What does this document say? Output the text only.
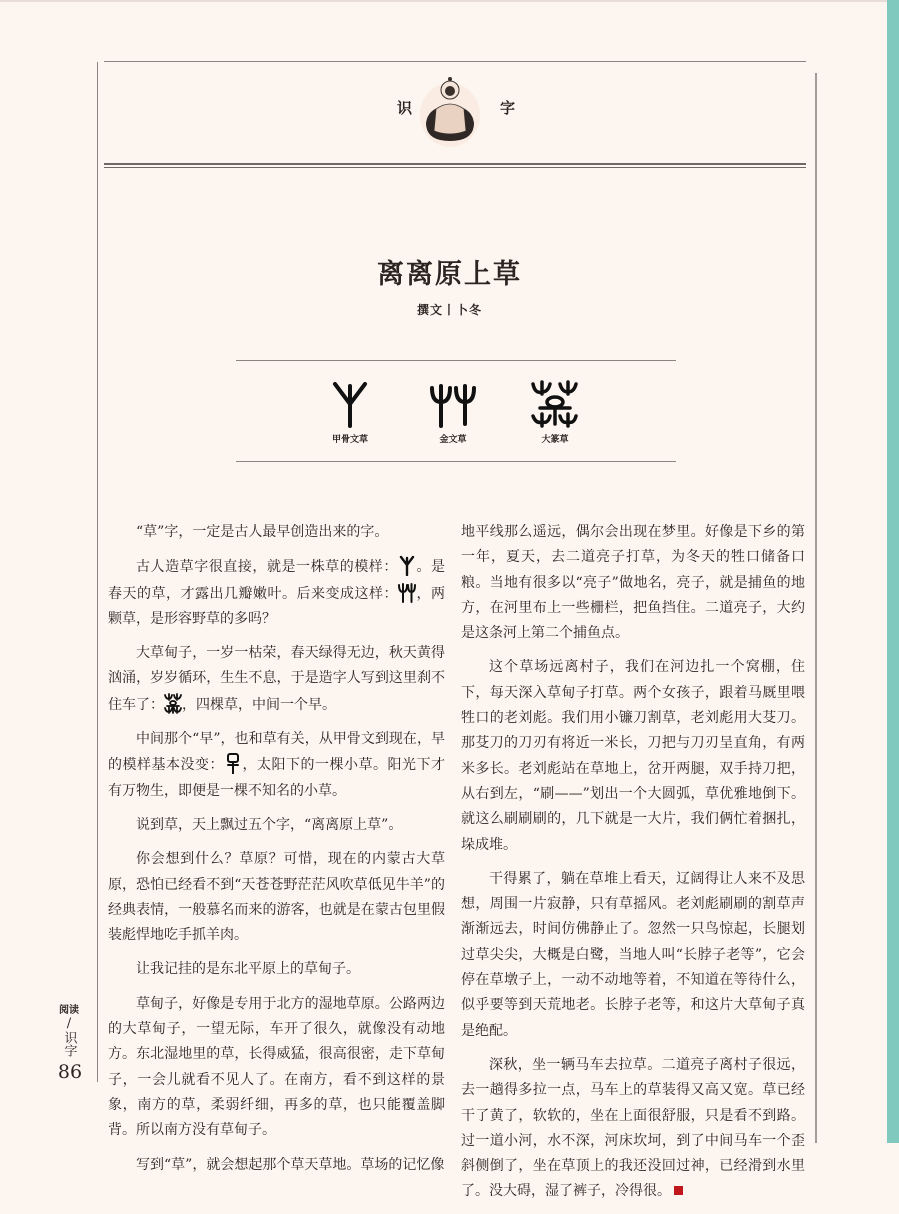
识	字
离离原上草
撰文丨卜冬
甲骨文草	金文草	大篆草

“草”字，一定是古人最早创造出来的字。

古人造草字很直接，就是一株草的模样： 。是春天的草，才露出几瓣嫩叶。后来变成这样： ，两颗草，是形容野草的多吗？

大草甸子，一岁一枯荣，春天绿得无边，秋天黄得汹涌，岁岁循环，生生不息，于是造字人写到这里刹不住车了： ，四棵草，中间一个早。

中间那个“早”，也和草有关，从甲骨文到现在，早的模样基本没变： ，太阳下的一棵小草。阳光下才有万物生，即便是一棵不知名的小草。

说到草，天上飘过五个字，“离离原上草”。

你会想到什么？草原？可惜，现在的内蒙古大草原，恐怕已经看不到“天苍苍野茫茫风吹草低见牛羊”的经典表情，一般慕名而来的游客，也就是在蒙古包里假装彪悍地吃手抓羊肉。

让我记挂的是东北平原上的草甸子。

草甸子，好像是专用于北方的湿地草原。公路两边的大草甸子，一望无际，车开了很久，就像没有动地方。东北湿地里的草，长得威猛，很高很密，走下草甸子，一会儿就看不见人了。在南方，看不到这样的景象，南方的草，柔弱纤细，再多的草，也只能覆盖脚背。所以南方没有草甸子。

写到“草”，就会想起那个草天草地。草场的记忆像

地平线那么遥远，偶尔会出现在梦里。好像是下乡的第一年，夏天，去二道亮子打草，为冬天的牲口储备口粮。当地有很多以“亮子”做地名，亮子，就是捕鱼的地方，在河里布上一些栅栏，把鱼挡住。二道亮子，大约是这条河上第二个捕鱼点。

这个草场远离村子，我们在河边扎一个窝棚，住下，每天深入草甸子打草。两个女孩子，跟着马厩里喂牲口的老刘彪。我们用小镰刀割草，老刘彪用大芟刀。那芟刀的刀刃有将近一米长，刀把与刀刃呈直角，有两米多长。老刘彪站在草地上，岔开两腿，双手持刀把，从右到左，“刷——”划出一个大圆弧，草优雅地倒下。就这么刷刷刷的，几下就是一大片，我们俩忙着捆扎，垛成堆。

干得累了，躺在草堆上看天，辽阔得让人来不及思想，周围一片寂静，只有草摇风。老刘彪刷刷的割草声渐渐远去，时间仿佛静止了。忽然一只鸟惊起，长腿划过草尖尖，大概是白鹭，当地人叫“长脖子老等”，它会停在草墩子上，一动不动地等着，不知道在等待什么，似乎要等到天荒地老。长脖子老等，和这片大草甸子真是绝配。

深秋，坐一辆马车去拉草。二道亮子离村子很远，去一趟得多拉一点，马车上的草装得又高又宽。草已经干了黄了，软软的，坐在上面很舒服，只是看不到路。过一道小河，水不深，河床坎坷，到了中间马车一个歪斜侧倒了，坐在草顶上的我还没回过神，已经滑到水里了。没大碍，湿了裤子，冷得很。

阅读
/
识字
86
